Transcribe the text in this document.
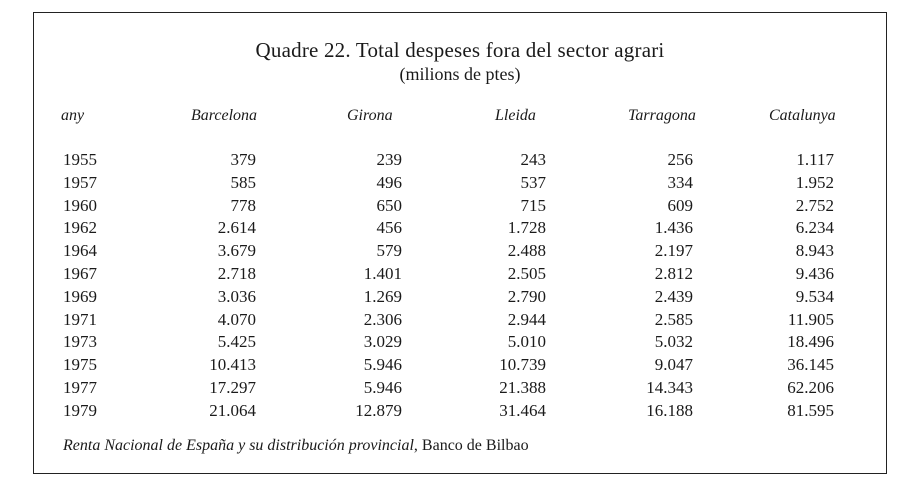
Quadre 22. Total despeses fora del sector agrari
(milions de ptes)
any	Barcelona	Girona	Lleida	Tarragona	Catalunya
1955	379	239	243	256	1.117
1957	585	496	537	334	1.952
1960	778	650	715	609	2.752
1962	2.614	456	1.728	1.436	6.234
1964	3.679	579	2.488	2.197	8.943
1967	2.718	1.401	2.505	2.812	9.436
1969	3.036	1.269	2.790	2.439	9.534
1971	4.070	2.306	2.944	2.585	11.905
1973	5.425	3.029	5.010	5.032	18.496
1975	10.413	5.946	10.739	9.047	36.145
1977	17.297	5.946	21.388	14.343	62.206
1979	21.064	12.879	31.464	16.188	81.595
Renta Nacional de España y su distribución provincial, Banco de Bilbao
